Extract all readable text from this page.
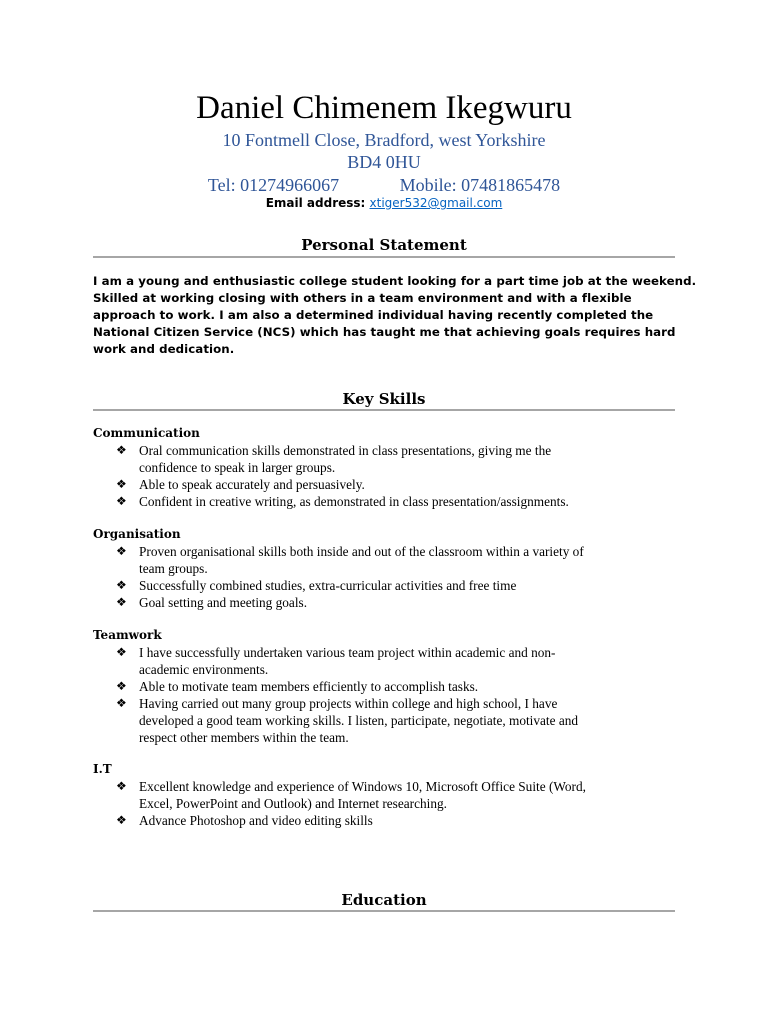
Daniel Chimenem Ikegwuru
10 Fontmell Close, Bradford, west Yorkshire
BD4 0HU
Tel: 01274966067	Mobile: 07481865478
Email address: xtiger532@gmail.com
Personal Statement
I am a young and enthusiastic college student looking for a part time job at the weekend.
Skilled at working closing with others in a team environment and with a flexible
approach to work. I am also a determined individual having recently completed the
National Citizen Service (NCS) which has taught me that achieving goals requires hard
work and dedication.
Key Skills
Communication
❖ Oral communication skills demonstrated in class presentations, giving me the
confidence to speak in larger groups.
❖ Able to speak accurately and persuasively.
❖ Confident in creative writing, as demonstrated in class presentation/assignments.
Organisation
❖ Proven organisational skills both inside and out of the classroom within a variety of
team groups.
❖ Successfully combined studies, extra-curricular activities and free time
❖ Goal setting and meeting goals.
Teamwork
❖ I have successfully undertaken various team project within academic and non-
academic environments.
❖ Able to motivate team members efficiently to accomplish tasks.
❖ Having carried out many group projects within college and high school, I have
developed a good team working skills. I listen, participate, negotiate, motivate and
respect other members within the team.
I.T
❖ Excellent knowledge and experience of Windows 10, Microsoft Office Suite (Word,
Excel, PowerPoint and Outlook) and Internet researching.
❖ Advance Photoshop and video editing skills
Education
